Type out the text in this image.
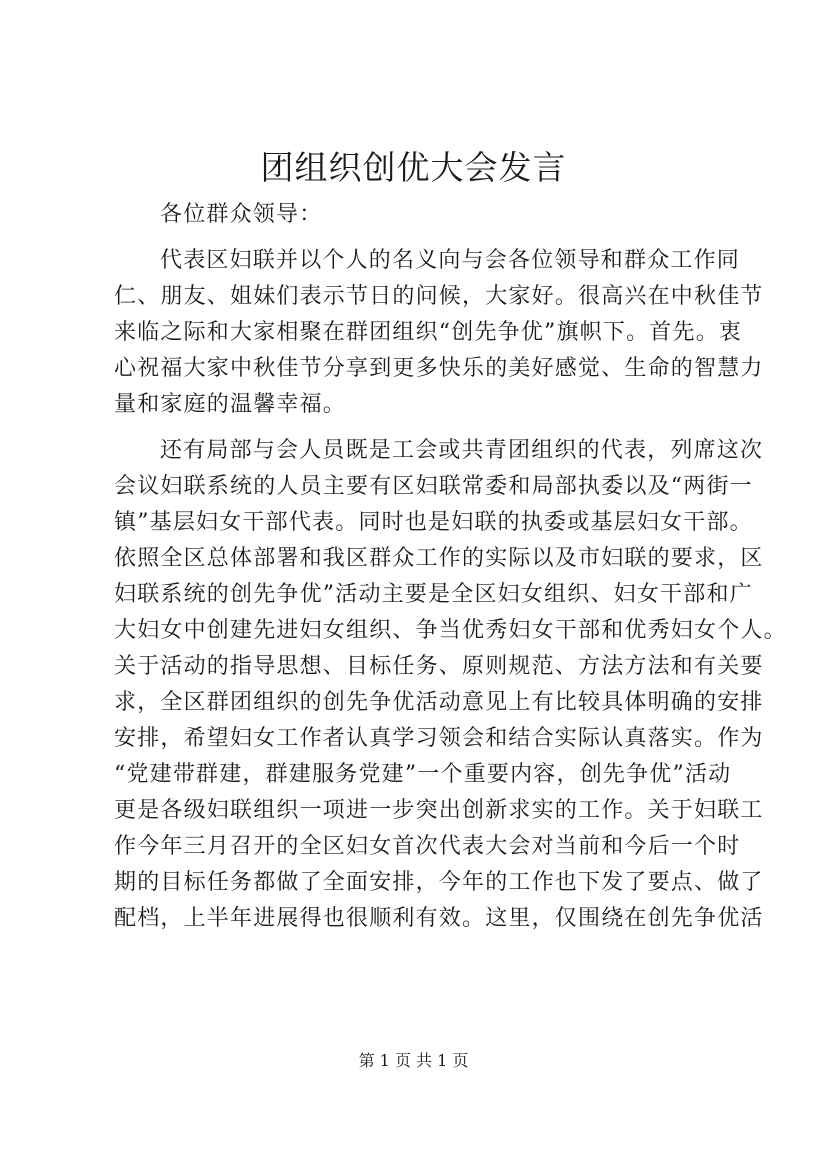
团组织创优大会发言
各位群众领导：
代表区妇联并以个人的名义向与会各位领导和群众工作同
仁、朋友、姐妹们表示节日的问候，大家好。很高兴在中秋佳节
来临之际和大家相聚在群团组织“创先争优”旗帜下。首先。衷
心祝福大家中秋佳节分享到更多快乐的美好感觉、生命的智慧力
量和家庭的温馨幸福。
还有局部与会人员既是工会或共青团组织的代表，列席这次
会议妇联系统的人员主要有区妇联常委和局部执委以及“两街一
镇”基层妇女干部代表。同时也是妇联的执委或基层妇女干部。
依照全区总体部署和我区群众工作的实际以及市妇联的要求，区
妇联系统的创先争优”活动主要是全区妇女组织、妇女干部和广
大妇女中创建先进妇女组织、争当优秀妇女干部和优秀妇女个人。
关于活动的指导思想、目标任务、原则规范、方法方法和有关要
求，全区群团组织的创先争优活动意见上有比较具体明确的安排
安排，希望妇女工作者认真学习领会和结合实际认真落实。作为
“党建带群建，群建服务党建”一个重要内容，创先争优”活动
更是各级妇联组织一项进一步突出创新求实的工作。关于妇联工
作今年三月召开的全区妇女首次代表大会对当前和今后一个时
期的目标任务都做了全面安排，今年的工作也下发了要点、做了
配档，上半年进展得也很顺利有效。这里，仅围绕在创先争优活
第 1 页 共 1 页
